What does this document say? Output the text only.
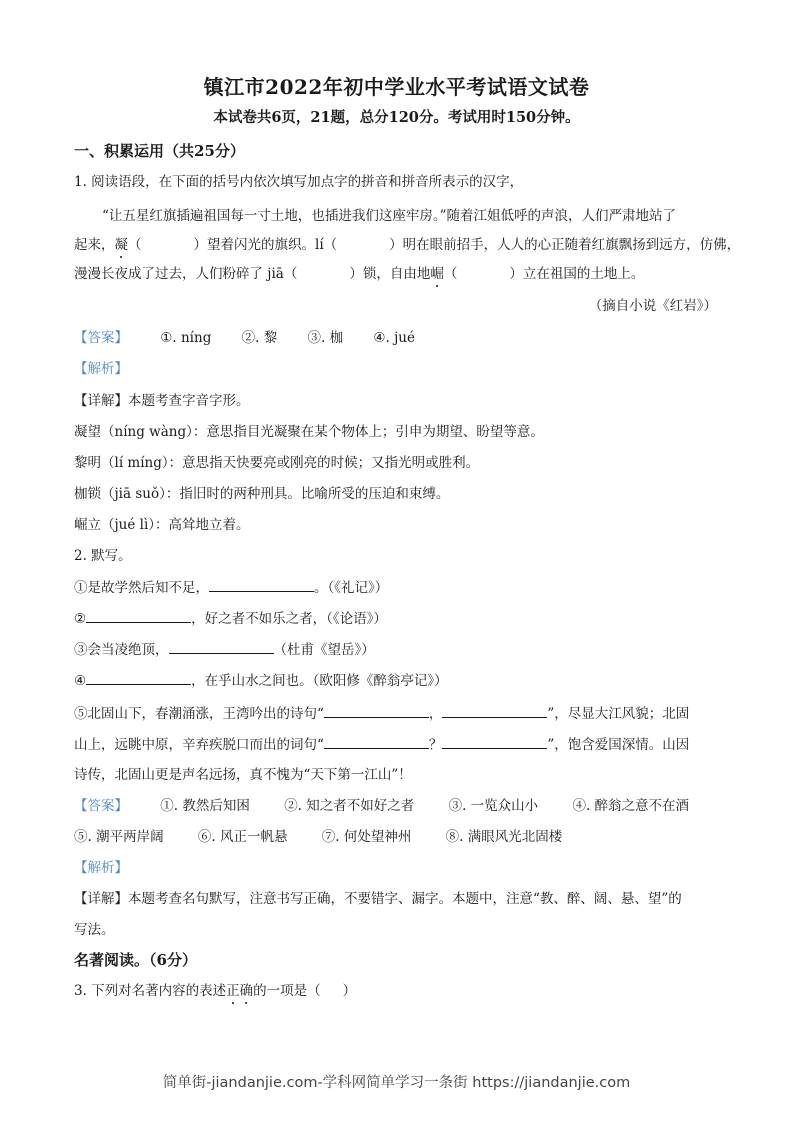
镇江市2022年初中学业水平考试语文试卷
本试卷共6页，21题，总分120分。考试用时150分钟。
一、积累运用（共25分）
1. 阅读语段，在下面的括号内依次填写加点字的拼音和拼音所表示的汉字，
“让五星红旗插遍祖国每一寸土地，也插进我们这座牢房。”随着江姐低呼的声浪，人们严肃地站了
起来，凝（	）望着闪光的旗织。lí（	）明在眼前招手，人人的心正随着红旗飘扬到远方，仿佛，
漫漫长夜成了过去，人们粉碎了 jiā（	）锁，自由地崛（	）立在祖国的土地上。
（摘自小说《红岩》）
【答案】 ①. níng ②. 黎 ③. 枷 ④. jué
【解析】
【详解】本题考查字音字形。
凝望（níng wàng）：意思指目光凝聚在某个物体上；引申为期望、盼望等意。
黎明（lí míng）：意思指天快要亮或刚亮的时候；又指光明或胜利。
枷锁（jiā suǒ）：指旧时的两种刑具。比喻所受的压迫和束缚。
崛立（jué lì）：高耸地立着。
2. 默写。
①是故学然后知不足，	。（《礼记》）
②	，好之者不如乐之者，（《论语》）
③会当凌绝顶，	（杜甫《望岳》）
④	，在乎山水之间也。（欧阳修《醉翁亭记》）
⑤北固山下，春潮涌涨，王湾吟出的诗句“	，	”，尽显大江风貌；北固
山上，远眺中原，辛弃疾脱口而出的词句“	？	”，饱含爱国深情。山因
诗传，北固山更是声名远扬，真不愧为“天下第一江山”！
【答案】 ①. 教然后知困	②. 知之者不如好之者	③. 一览众山小	④. 醉翁之意不在酒
⑤. 潮平两岸阔	⑥. 风正一帆悬	⑦. 何处望神州	⑧. 满眼风光北固楼
【解析】
【详解】本题考查名句默写，注意书写正确，不要错字、漏字。本题中，注意“教、醉、阔、悬、望”的
写法。
名著阅读。（6分）
3. 下列对名著内容的表述正确的一项是（ ）
简单街-jiandanjie.com-学科网简单学习一条街 https://jiandanjie.com
